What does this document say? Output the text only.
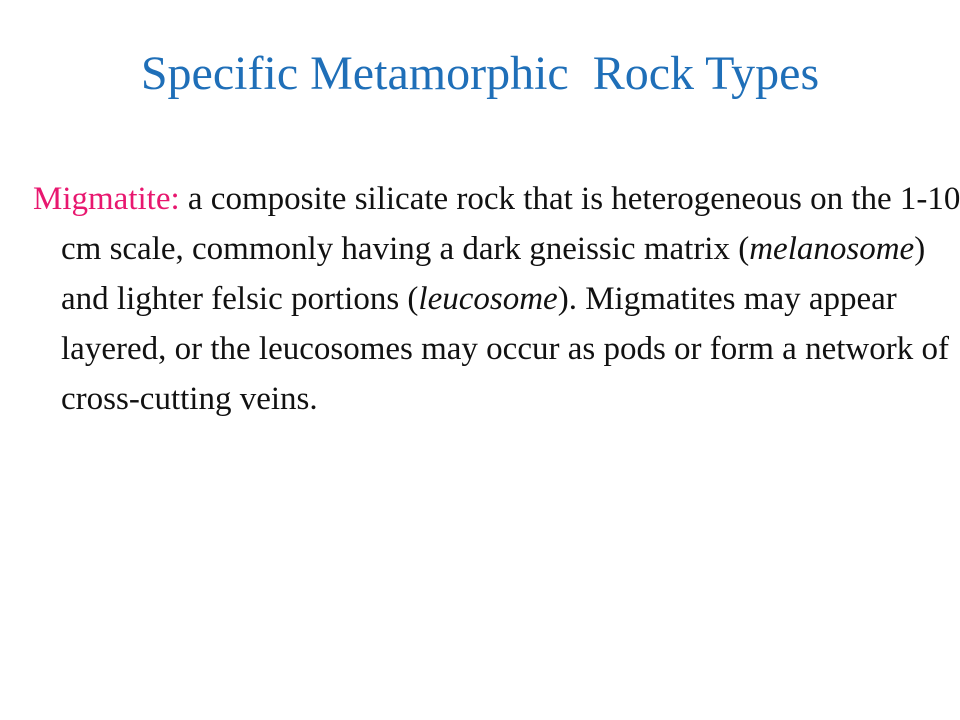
Specific Metamorphic Rock Types

Migmatite: a composite silicate rock that is heterogeneous on the 1-10 cm scale, commonly having a dark gneissic matrix (melanosome) and lighter felsic portions (leucosome). Migmatites may appear layered, or the leucosomes may occur as pods or form a network of cross-cutting veins.
